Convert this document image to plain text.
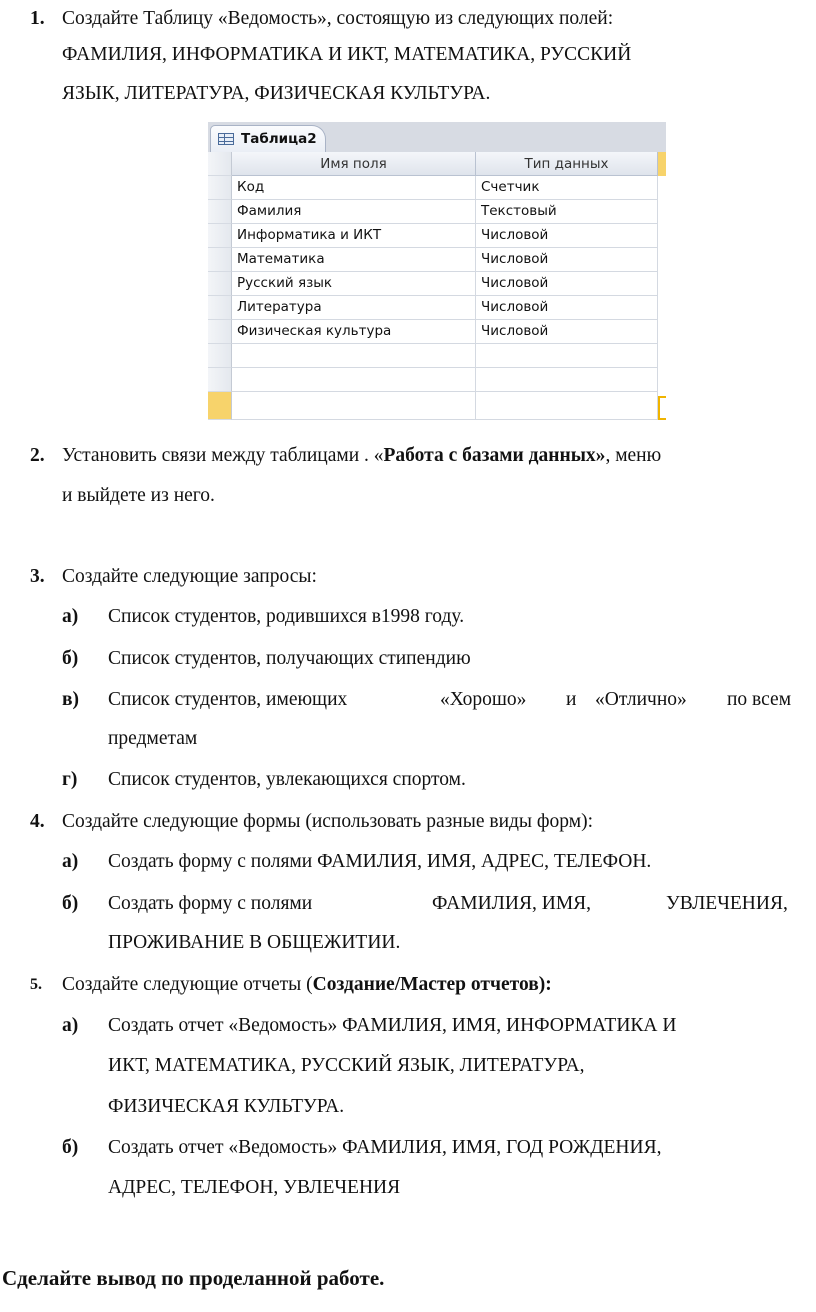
1. Создайте Таблицу «Ведомость», состоящую из следующих полей:
ФАМИЛИЯ, ИНФОРМАТИКА И ИКТ, МАТЕМАТИКА, РУССКИЙ
ЯЗЫК, ЛИТЕРАТУРА, ФИЗИЧЕСКАЯ КУЛЬТУРА.
Таблица2
Имя поля	Тип данных
Код	Счетчик
Фамилия	Текстовый
Информатика и ИКТ	Числовой
Математика	Числовой
Русский язык	Числовой
Литература	Числовой
Физическая культура	Числовой
2. Установить связи между таблицами . «Работа с базами данных», меню
и выйдете из него.
3. Создайте следующие запросы:
а) Список студентов, родившихся в1998 году.
б) Список студентов, получающих стипендию
в) Список студентов, имеющих	«Хорошо» и «Отлично» по всем
предметам
г) Список студентов, увлекающихся спортом.
4. Создайте следующие формы (использовать разные виды форм):
а) Создать форму с полями ФАМИЛИЯ, ИМЯ, АДРЕС, ТЕЛЕФОН.
б) Создать форму с полями	ФАМИЛИЯ, ИМЯ,	УВЛЕЧЕНИЯ,
ПРОЖИВАНИЕ В ОБЩЕЖИТИИ.
5. Создайте следующие отчеты (Создание/Мастер отчетов):
а) Создать отчет «Ведомость» ФАМИЛИЯ, ИМЯ, ИНФОРМАТИКА И
ИКТ, МАТЕМАТИКА, РУССКИЙ ЯЗЫК, ЛИТЕРАТУРА,
ФИЗИЧЕСКАЯ КУЛЬТУРА.
б) Создать отчет «Ведомость» ФАМИЛИЯ, ИМЯ, ГОД РОЖДЕНИЯ,
АДРЕС, ТЕЛЕФОН, УВЛЕЧЕНИЯ
Сделайте вывод по проделанной работе.
